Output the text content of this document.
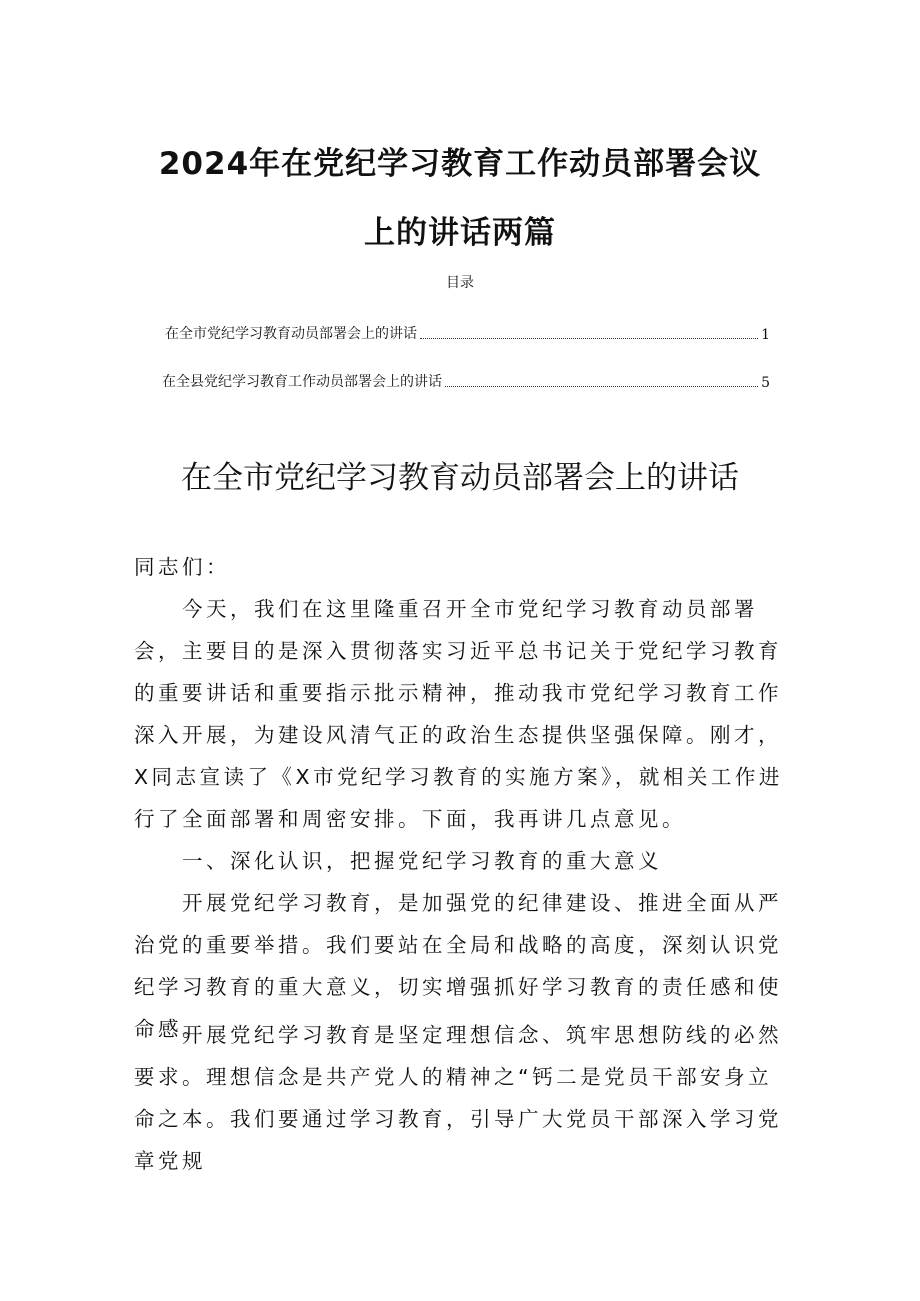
2024年在党纪学习教育工作动员部署会议
上的讲话两篇
目录
在全市党纪学习教育动员部署会上的讲话	1
在全县党纪学习教育工作动员部署会上的讲话	5
在全市党纪学习教育动员部署会上的讲话

同志们：

今天，我们在这里隆重召开全市党纪学习教育动员部署会，主要目的是深入贯彻落实习近平总书记关于党纪学习教育的重要讲话和重要指示批示精神，推动我市党纪学习教育工作深入开展，为建设风清气正的政治生态提供坚强保障。刚才，X同志宣读了《X市党纪学习教育的实施方案》，就相关工作进行了全面部署和周密安排。下面，我再讲几点意见。

一、深化认识，把握党纪学习教育的重大意义

开展党纪学习教育，是加强党的纪律建设、推进全面从严治党的重要举措。我们要站在全局和战略的高度，深刻认识党纪学习教育的重大意义，切实增强抓好学习教育的责任感和使命感。

开展党纪学习教育是坚定理想信念、筑牢思想防线的必然要求。理想信念是共产党人的精神之“钙二是党员干部安身立命之本。我们要通过学习教育，引导广大党员干部深入学习党章党规
